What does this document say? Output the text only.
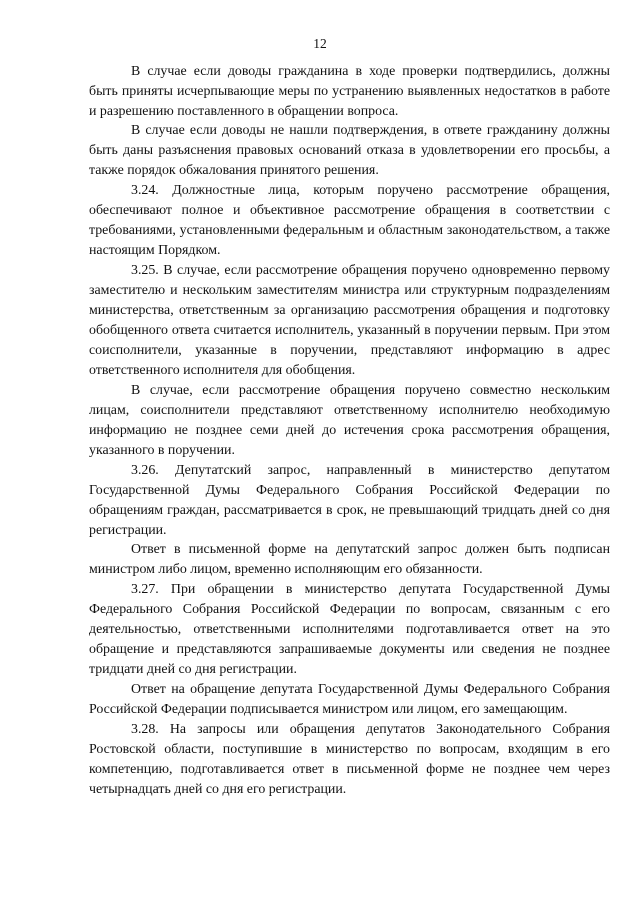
12

В случае если доводы гражданина в ходе проверки подтвердились, должны быть приняты исчерпывающие меры по устранению выявленных недостатков в работе и разрешению поставленного в обращении вопроса.

В случае если доводы не нашли подтверждения, в ответе гражданину должны быть даны разъяснения правовых оснований отказа в удовлетворении его просьбы, а также порядок обжалования принятого решения.

3.24. Должностные лица, которым поручено рассмотрение обращения, обеспечивают полное и объективное рассмотрение обращения в соответствии с требованиями, установленными федеральным и областным законодательством, а также настоящим Порядком.

3.25. В случае, если рассмотрение обращения поручено одновременно первому заместителю и нескольким заместителям министра или структурным подразделениям министерства, ответственным за организацию рассмотрения обращения и подготовку обобщенного ответа считается исполнитель, указанный в поручении первым. При этом соисполнители, указанные в поручении, представляют информацию в адрес ответственного исполнителя для обобщения.

В случае, если рассмотрение обращения поручено совместно нескольким лицам, соисполнители представляют ответственному исполнителю необходимую информацию не позднее семи дней до истечения срока рассмотрения обращения, указанного в поручении.

3.26. Депутатский запрос, направленный в министерство депутатом Государственной Думы Федерального Собрания Российской Федерации по обращениям граждан, рассматривается в срок, не превышающий тридцать дней со дня регистрации.

Ответ в письменной форме на депутатский запрос должен быть подписан министром либо лицом, временно исполняющим его обязанности.

3.27. При обращении в министерство депутата Государственной Думы Федерального Собрания Российской Федерации по вопросам, связанным с его деятельностью, ответственными исполнителями подготавливается ответ на это обращение и представляются запрашиваемые документы или сведения не позднее тридцати дней со дня регистрации.

Ответ на обращение депутата Государственной Думы Федерального Собрания Российской Федерации подписывается министром или лицом, его замещающим.

3.28. На запросы или обращения депутатов Законодательного Собрания Ростовской области, поступившие в министерство по вопросам, входящим в его компетенцию, подготавливается ответ в письменной форме не позднее чем через четырнадцать дней со дня его регистрации.
